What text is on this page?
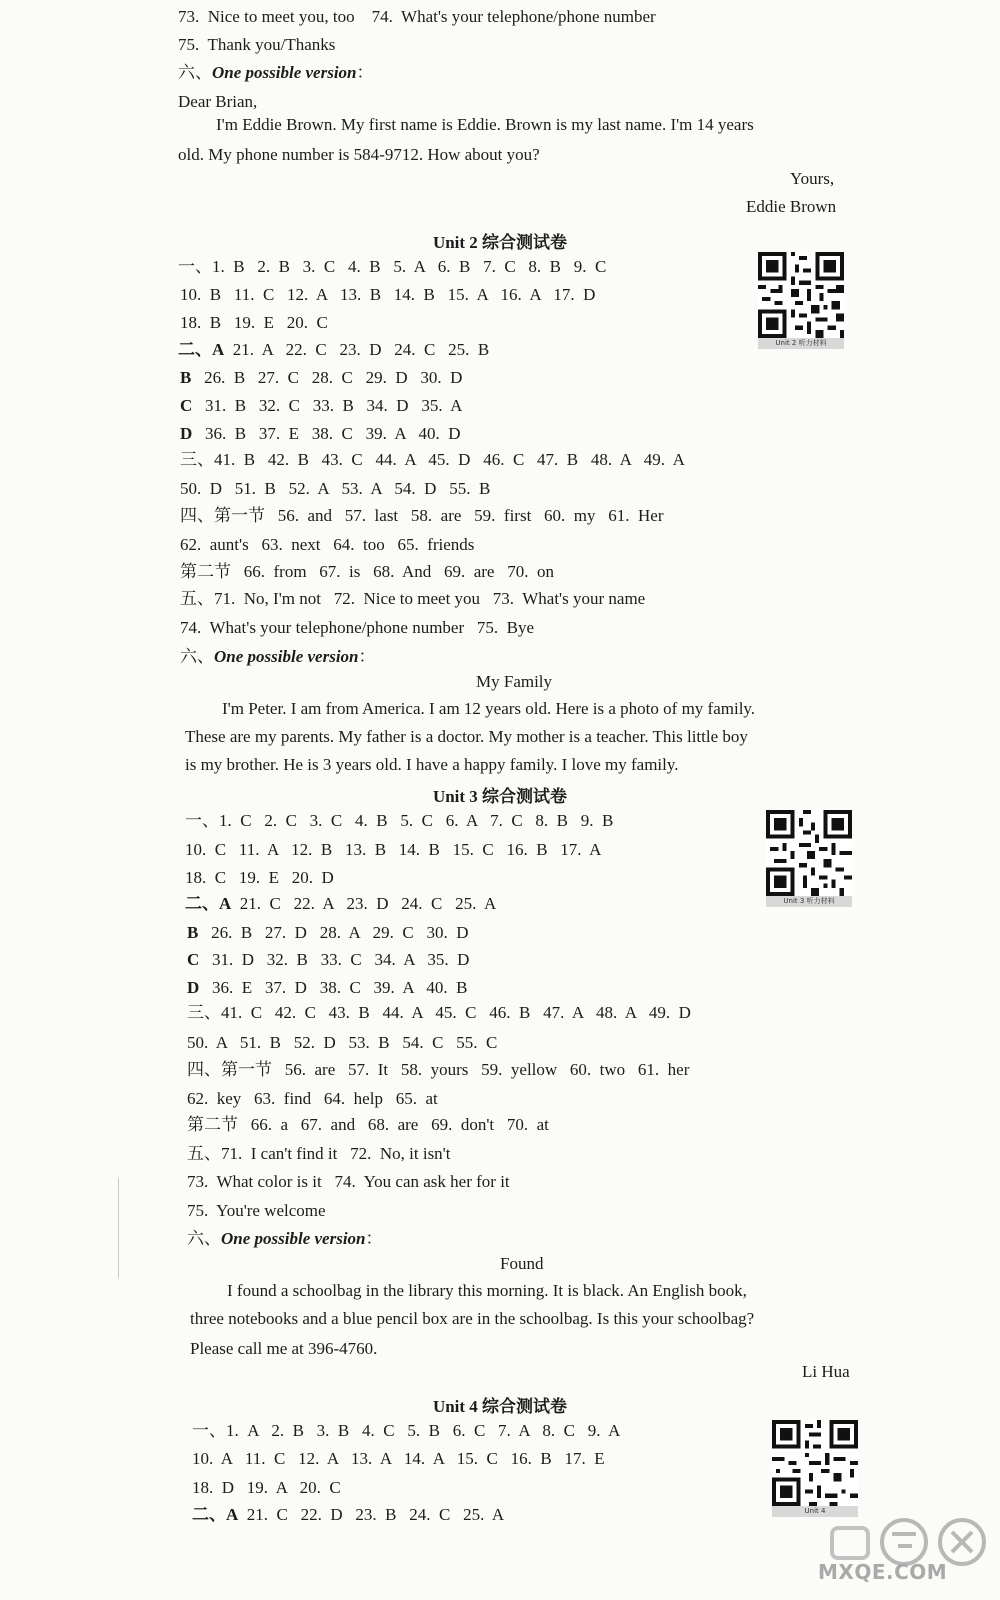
73.  Nice to meet you, too    74.  What's your telephone/phone number
75.  Thank you/Thanks
六、One possible version：
Dear Brian,
I'm Eddie Brown. My first name is Eddie. Brown is my last name. I'm 14 years
old. My phone number is 584-9712. How about you?
Yours,
Eddie Brown
Unit 2 综合测试卷
一、1.  B   2.  B   3.  C   4.  B   5.  A   6.  B   7.  C   8.  B   9.  C
10.  B   11.  C   12.  A   13.  B   14.  B   15.  A   16.  A   17.  D
18.  B   19.  E   20.  C
二、A  21.  A   22.  C   23.  D   24.  C   25.  B
B   26.  B   27.  C   28.  C   29.  D   30.  D
C   31.  B   32.  C   33.  B   34.  D   35.  A
D   36.  B   37.  E   38.  C   39.  A   40.  D
三、41.  B   42.  B   43.  C   44.  A   45.  D   46.  C   47.  B   48.  A   49.  A
50.  D   51.  B   52.  A   53.  A   54.  D   55.  B
四、第一节   56.  and   57.  last   58.  are   59.  first   60.  my   61.  Her
62.  aunt's   63.  next   64.  too   65.  friends
第二节   66.  from   67.  is   68.  And   69.  are   70.  on
五、71.  No, I'm not   72.  Nice to meet you   73.  What's your name
74.  What's your telephone/phone number   75.  Bye
六、One possible version：
My Family
I'm Peter. I am from America. I am 12 years old. Here is a photo of my family.
These are my parents. My father is a doctor. My mother is a teacher. This little boy
is my brother. He is 3 years old. I have a happy family. I love my family.
Unit 2 听力材料
Unit 3 综合测试卷
一、1.  C   2.  C   3.  C   4.  B   5.  C   6.  A   7.  C   8.  B   9.  B
10.  C   11.  A   12.  B   13.  B   14.  B   15.  C   16.  B   17.  A
18.  C   19.  E   20.  D
二、A  21.  C   22.  A   23.  D   24.  C   25.  A
B   26.  B   27.  D   28.  A   29.  C   30.  D
C   31.  D   32.  B   33.  C   34.  A   35.  D
D   36.  E   37.  D   38.  C   39.  A   40.  B
三、41.  C   42.  C   43.  B   44.  A   45.  C   46.  B   47.  A   48.  A   49.  D
50.  A   51.  B   52.  D   53.  B   54.  C   55.  C
四、第一节   56.  are   57.  It   58.  yours   59.  yellow   60.  two   61.  her
62.  key   63.  find   64.  help   65.  at
第二节   66.  a   67.  and   68.  are   69.  don't   70.  at
五、71.  I can't find it   72.  No, it isn't
73.  What color is it   74.  You can ask her for it
75.  You're welcome
六、One possible version：
Found
I found a schoolbag in the library this morning. It is black. An English book,
three notebooks and a blue pencil box are in the schoolbag. Is this your schoolbag?
Please call me at 396-4760.
Li Hua
Unit 3 听力材料
Unit 4 综合测试卷
一、1.  A   2.  B   3.  B   4.  C   5.  B   6.  C   7.  A   8.  C   9.  A
10.  A   11.  C   12.  A   13.  A   14.  A   15.  C   16.  B   17.  E
18.  D   19.  A   20.  C
二、A  21.  C   22.  D   23.  B   24.  C   25.  A	Unit 4
MXQE.COM
